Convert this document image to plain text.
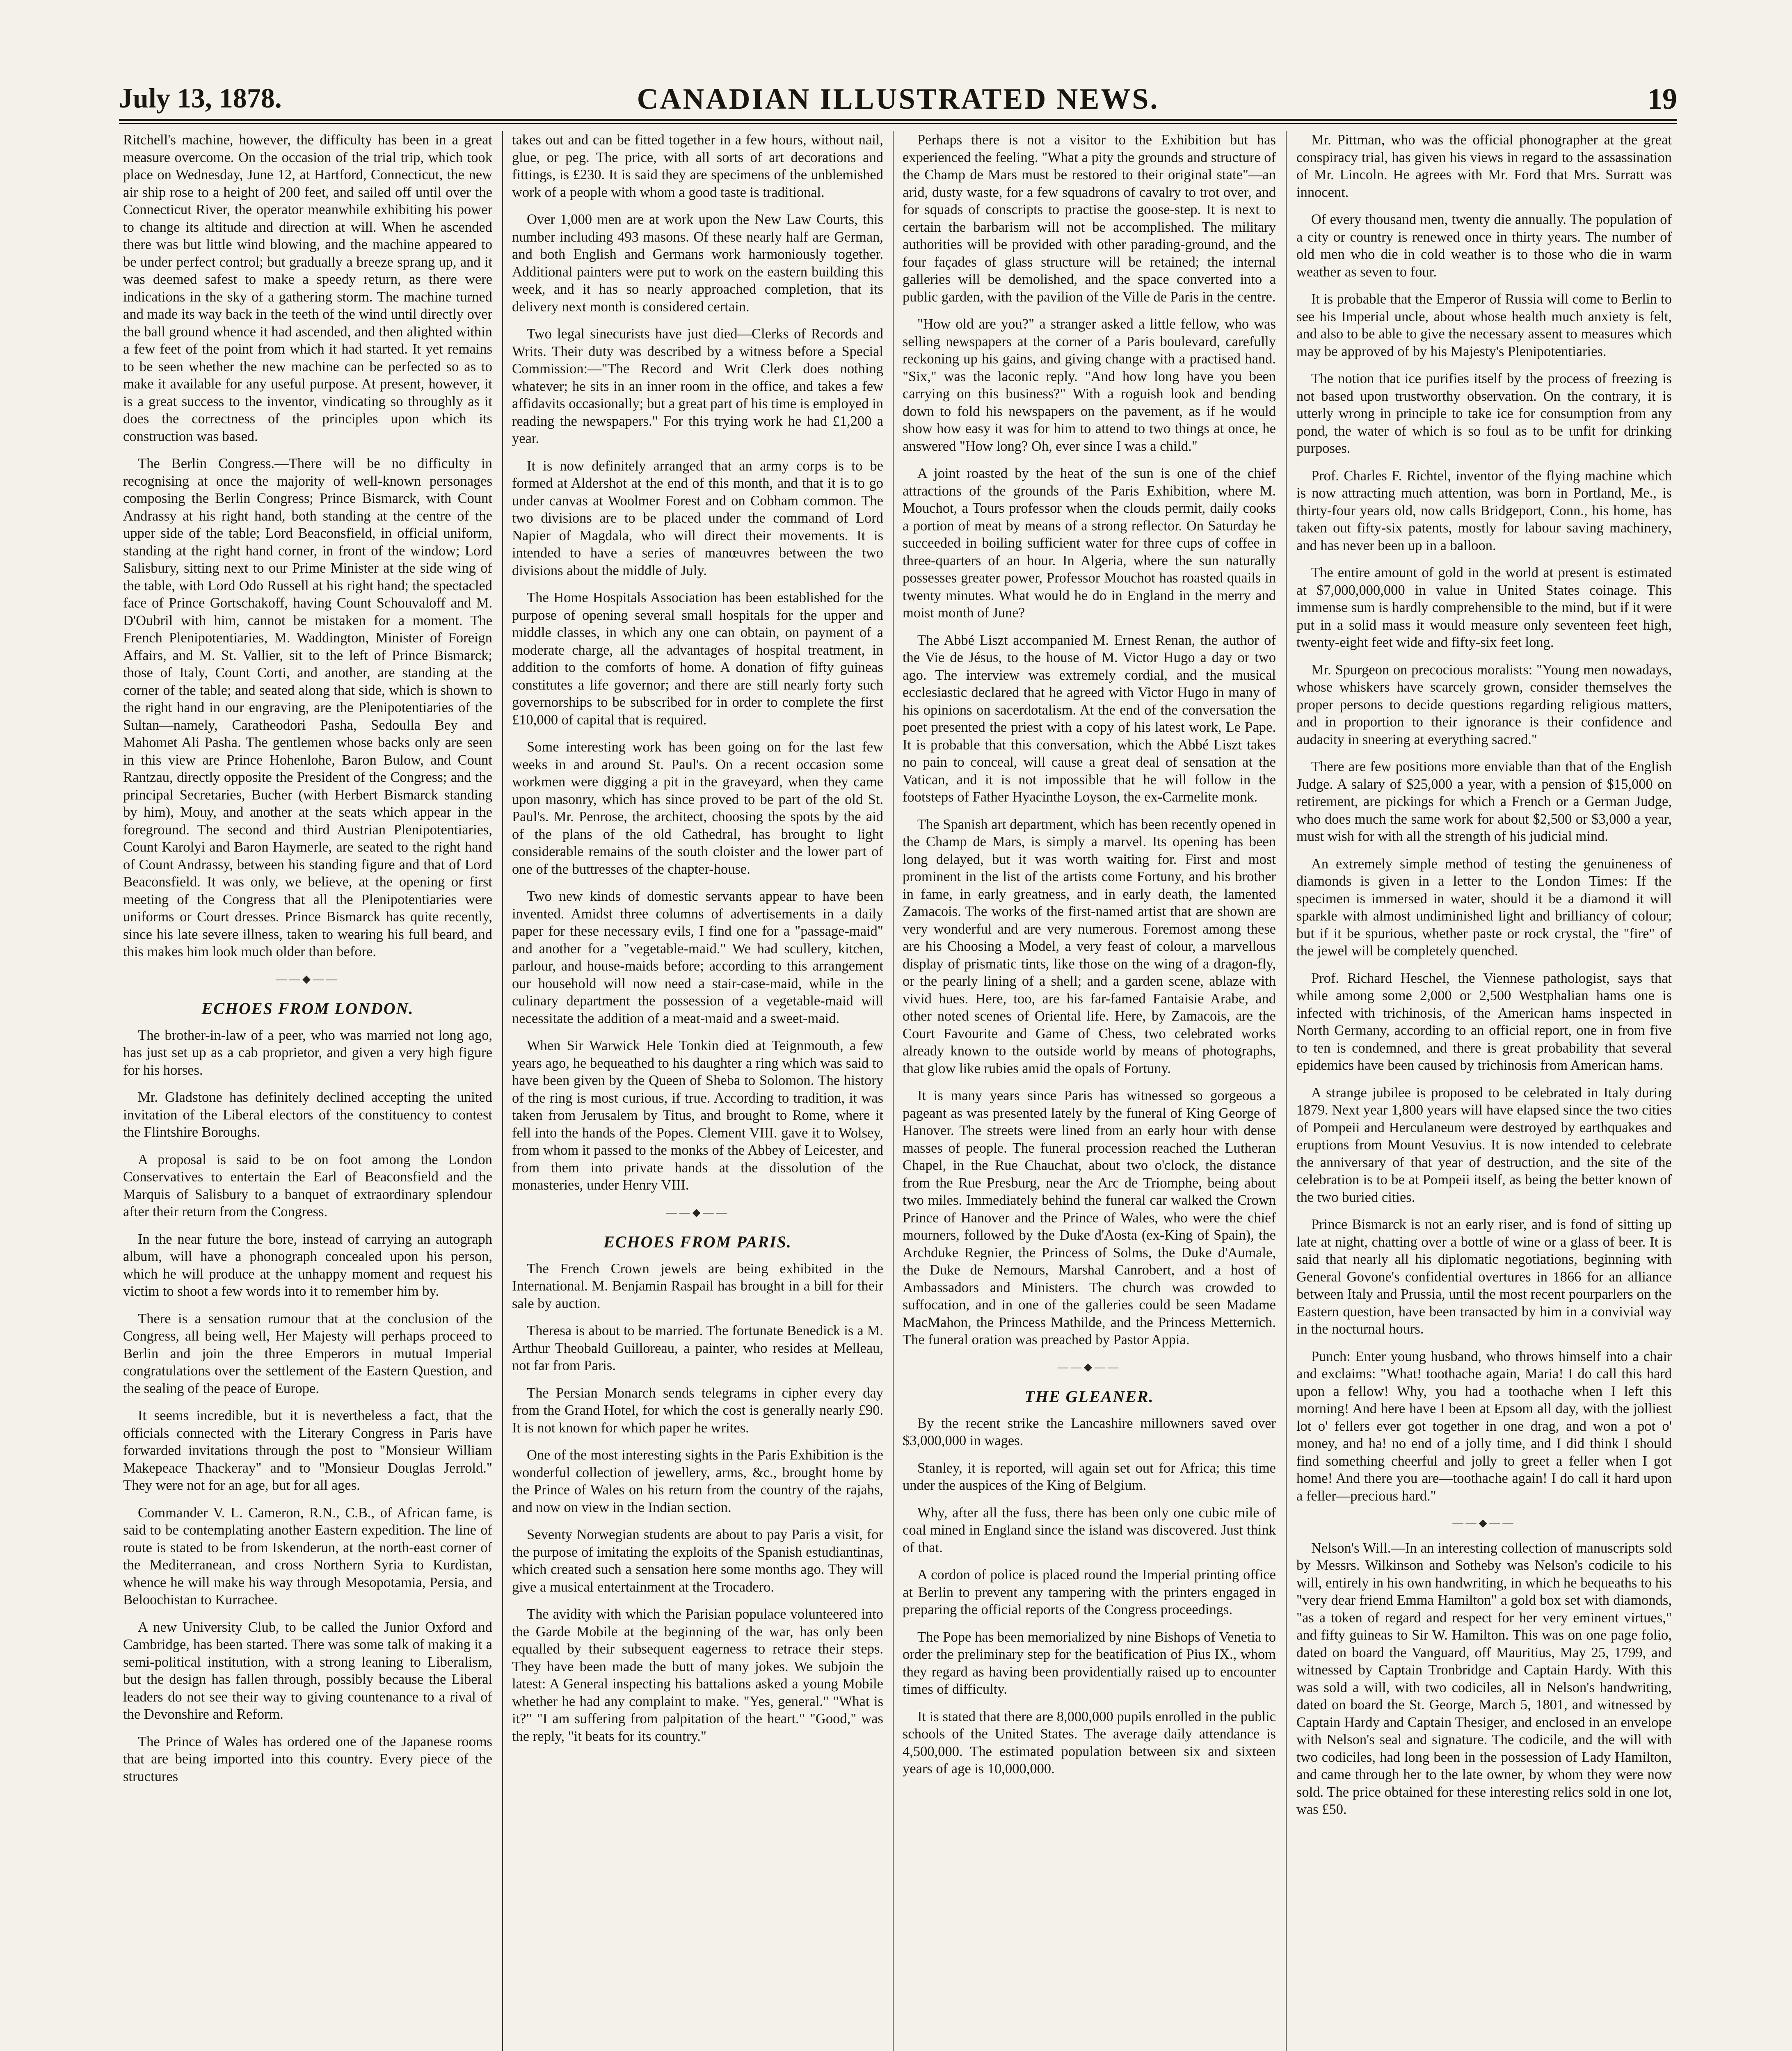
July 13, 1878.	CANADIAN ILLUSTRATED NEWS.	19

Ritchell's machine, however, the difficulty has been in a great measure overcome. On the occasion of the trial trip, which took place on Wednesday, June 12, at Hartford, Connecticut, the new air ship rose to a height of 200 feet, and sailed off until over the Connecticut River, the operator meanwhile exhibiting his power to change its altitude and direction at will. When he ascended there was but little wind blowing, and the machine appeared to be under perfect control; but gradually a breeze sprang up, and it was deemed safest to make a speedy return, as there were indications in the sky of a gathering storm. The machine turned and made its way back in the teeth of the wind until directly over the ball ground whence it had ascended, and then alighted within a few feet of the point from which it had started. It yet remains to be seen whether the new machine can be perfected so as to make it available for any useful purpose. At present, however, it is a great success to the inventor, vindicating so throughly as it does the correctness of the principles upon which its construction was based.

The Berlin Congress.—There will be no difficulty in recognising at once the majority of well-known personages composing the Berlin Congress; Prince Bismarck, with Count Andrassy at his right hand, both standing at the centre of the upper side of the table; Lord Beaconsfield, in official uniform, standing at the right hand corner, in front of the window; Lord Salisbury, sitting next to our Prime Minister at the side wing of the table, with Lord Odo Russell at his right hand; the spectacled face of Prince Gortschakoff, having Count Schouvaloff and M. D'Oubril with him, cannot be mistaken for a moment. The French Plenipotentiaries, M. Waddington, Minister of Foreign Affairs, and M. St. Vallier, sit to the left of Prince Bismarck; those of Italy, Count Corti, and another, are standing at the corner of the table; and seated along that side, which is shown to the right hand in our engraving, are the Plenipotentiaries of the Sultan—namely, Caratheodori Pasha, Sedoulla Bey and Mahomet Ali Pasha. The gentlemen whose backs only are seen in this view are Prince Hohenlohe, Baron Bulow, and Count Rantzau, directly opposite the President of the Congress; and the principal Secretaries, Bucher (with Herbert Bismarck standing by him), Mouy, and another at the seats which appear in the foreground. The second and third Austrian Plenipotentiaries, Count Karolyi and Baron Haymerle, are seated to the right hand of Count Andrassy, between his standing figure and that of Lord Beaconsfield. It was only, we believe, at the opening or first meeting of the Congress that all the Plenipotentiaries were uniforms or Court dresses. Prince Bismarck has quite recently, since his late severe illness, taken to wearing his full beard, and this makes him look much older than before.

——◆——
ECHOES FROM LONDON.

The brother-in-law of a peer, who was married not long ago, has just set up as a cab proprietor, and given a very high figure for his horses.

Mr. Gladstone has definitely declined accepting the united invitation of the Liberal electors of the constituency to contest the Flintshire Boroughs.

A proposal is said to be on foot among the London Conservatives to entertain the Earl of Beaconsfield and the Marquis of Salisbury to a banquet of extraordinary splendour after their return from the Congress.

In the near future the bore, instead of carrying an autograph album, will have a phonograph concealed upon his person, which he will produce at the unhappy moment and request his victim to shoot a few words into it to remember him by.

There is a sensation rumour that at the conclusion of the Congress, all being well, Her Majesty will perhaps proceed to Berlin and join the three Emperors in mutual Imperial congratulations over the settlement of the Eastern Question, and the sealing of the peace of Europe.

It seems incredible, but it is nevertheless a fact, that the officials connected with the Literary Congress in Paris have forwarded invitations through the post to "Monsieur William Makepeace Thackeray" and to "Monsieur Douglas Jerrold." They were not for an age, but for all ages.

Commander V. L. Cameron, R.N., C.B., of African fame, is said to be contemplating another Eastern expedition. The line of route is stated to be from Iskenderun, at the north-east corner of the Mediterranean, and cross Northern Syria to Kurdistan, whence he will make his way through Mesopotamia, Persia, and Beloochistan to Kurrachee.

A new University Club, to be called the Junior Oxford and Cambridge, has been started. There was some talk of making it a semi-political institution, with a strong leaning to Liberalism, but the design has fallen through, possibly because the Liberal leaders do not see their way to giving countenance to a rival of the Devonshire and Reform.

The Prince of Wales has ordered one of the Japanese rooms that are being imported into this country. Every piece of the structures

takes out and can be fitted together in a few hours, without nail, glue, or peg. The price, with all sorts of art decorations and fittings, is £230. It is said they are specimens of the unblemished work of a people with whom a good taste is traditional.

Over 1,000 men are at work upon the New Law Courts, this number including 493 masons. Of these nearly half are German, and both English and Germans work harmoniously together. Additional painters were put to work on the eastern building this week, and it has so nearly approached completion, that its delivery next month is considered certain.

Two legal sinecurists have just died—Clerks of Records and Writs. Their duty was described by a witness before a Special Commission:—"The Record and Writ Clerk does nothing whatever; he sits in an inner room in the office, and takes a few affidavits occasionally; but a great part of his time is employed in reading the newspapers." For this trying work he had £1,200 a year.

It is now definitely arranged that an army corps is to be formed at Aldershot at the end of this month, and that it is to go under canvas at Woolmer Forest and on Cobham common. The two divisions are to be placed under the command of Lord Napier of Magdala, who will direct their movements. It is intended to have a series of manœuvres between the two divisions about the middle of July.

The Home Hospitals Association has been established for the purpose of opening several small hospitals for the upper and middle classes, in which any one can obtain, on payment of a moderate charge, all the advantages of hospital treatment, in addition to the comforts of home. A donation of fifty guineas constitutes a life governor; and there are still nearly forty such governorships to be subscribed for in order to complete the first £10,000 of capital that is required.

Some interesting work has been going on for the last few weeks in and around St. Paul's. On a recent occasion some workmen were digging a pit in the graveyard, when they came upon masonry, which has since proved to be part of the old St. Paul's. Mr. Penrose, the architect, choosing the spots by the aid of the plans of the old Cathedral, has brought to light considerable remains of the south cloister and the lower part of one of the buttresses of the chapter-house.

Two new kinds of domestic servants appear to have been invented. Amidst three columns of advertisements in a daily paper for these necessary evils, I find one for a "passage-maid" and another for a "vegetable-maid." We had scullery, kitchen, parlour, and house-maids before; according to this arrangement our household will now need a stair-case-maid, while in the culinary department the possession of a vegetable-maid will necessitate the addition of a meat-maid and a sweet-maid.

When Sir Warwick Hele Tonkin died at Teignmouth, a few years ago, he bequeathed to his daughter a ring which was said to have been given by the Queen of Sheba to Solomon. The history of the ring is most curious, if true. According to tradition, it was taken from Jerusalem by Titus, and brought to Rome, where it fell into the hands of the Popes. Clement VIII. gave it to Wolsey, from whom it passed to the monks of the Abbey of Leicester, and from them into private hands at the dissolution of the monasteries, under Henry VIII.

——◆——
ECHOES FROM PARIS.

The French Crown jewels are being exhibited in the International. M. Benjamin Raspail has brought in a bill for their sale by auction.

Theresa is about to be married. The fortunate Benedick is a M. Arthur Theobald Guilloreau, a painter, who resides at Melleau, not far from Paris.

The Persian Monarch sends telegrams in cipher every day from the Grand Hotel, for which the cost is generally nearly £90. It is not known for which paper he writes.

One of the most interesting sights in the Paris Exhibition is the wonderful collection of jewellery, arms, &c., brought home by the Prince of Wales on his return from the country of the rajahs, and now on view in the Indian section.

Seventy Norwegian students are about to pay Paris a visit, for the purpose of imitating the exploits of the Spanish estudiantinas, which created such a sensation here some months ago. They will give a musical entertainment at the Trocadero.

The avidity with which the Parisian populace volunteered into the Garde Mobile at the beginning of the war, has only been equalled by their subsequent eagerness to retrace their steps. They have been made the butt of many jokes. We subjoin the latest: A General inspecting his battalions asked a young Mobile whether he had any complaint to make. "Yes, general." "What is it?" "I am suffering from palpitation of the heart." "Good," was the reply, "it beats for its country."

Perhaps there is not a visitor to the Exhibition but has experienced the feeling. "What a pity the grounds and structure of the Champ de Mars must be restored to their original state"—an arid, dusty waste, for a few squadrons of cavalry to trot over, and for squads of conscripts to practise the goose-step. It is next to certain the barbarism will not be accomplished. The military authorities will be provided with other parading-ground, and the four façades of glass structure will be retained; the internal galleries will be demolished, and the space converted into a public garden, with the pavilion of the Ville de Paris in the centre.

"How old are you?" a stranger asked a little fellow, who was selling newspapers at the corner of a Paris boulevard, carefully reckoning up his gains, and giving change with a practised hand. "Six," was the laconic reply. "And how long have you been carrying on this business?" With a roguish look and bending down to fold his newspapers on the pavement, as if he would show how easy it was for him to attend to two things at once, he answered "How long? Oh, ever since I was a child."

A joint roasted by the heat of the sun is one of the chief attractions of the grounds of the Paris Exhibition, where M. Mouchot, a Tours professor when the clouds permit, daily cooks a portion of meat by means of a strong reflector. On Saturday he succeeded in boiling sufficient water for three cups of coffee in three-quarters of an hour. In Algeria, where the sun naturally possesses greater power, Professor Mouchot has roasted quails in twenty minutes. What would he do in England in the merry and moist month of June?

The Abbé Liszt accompanied M. Ernest Renan, the author of the Vie de Jésus, to the house of M. Victor Hugo a day or two ago. The interview was extremely cordial, and the musical ecclesiastic declared that he agreed with Victor Hugo in many of his opinions on sacerdotalism. At the end of the conversation the poet presented the priest with a copy of his latest work, Le Pape. It is probable that this conversation, which the Abbé Liszt takes no pain to conceal, will cause a great deal of sensation at the Vatican, and it is not impossible that he will follow in the footsteps of Father Hyacinthe Loyson, the ex-Carmelite monk.

The Spanish art department, which has been recently opened in the Champ de Mars, is simply a marvel. Its opening has been long delayed, but it was worth waiting for. First and most prominent in the list of the artists come Fortuny, and his brother in fame, in early greatness, and in early death, the lamented Zamacois. The works of the first-named artist that are shown are very wonderful and are very numerous. Foremost among these are his Choosing a Model, a very feast of colour, a marvellous display of prismatic tints, like those on the wing of a dragon-fly, or the pearly lining of a shell; and a garden scene, ablaze with vivid hues. Here, too, are his far-famed Fantaisie Arabe, and other noted scenes of Oriental life. Here, by Zamacois, are the Court Favourite and Game of Chess, two celebrated works already known to the outside world by means of photographs, that glow like rubies amid the opals of Fortuny.

It is many years since Paris has witnessed so gorgeous a pageant as was presented lately by the funeral of King George of Hanover. The streets were lined from an early hour with dense masses of people. The funeral procession reached the Lutheran Chapel, in the Rue Chauchat, about two o'clock, the distance from the Rue Presburg, near the Arc de Triomphe, being about two miles. Immediately behind the funeral car walked the Crown Prince of Hanover and the Prince of Wales, who were the chief mourners, followed by the Duke d'Aosta (ex-King of Spain), the Archduke Regnier, the Princess of Solms, the Duke d'Aumale, the Duke de Nemours, Marshal Canrobert, and a host of Ambassadors and Ministers. The church was crowded to suffocation, and in one of the galleries could be seen Madame MacMahon, the Princess Mathilde, and the Princess Metternich. The funeral oration was preached by Pastor Appia.

——◆——
THE GLEANER.

By the recent strike the Lancashire millowners saved over $3,000,000 in wages.

Stanley, it is reported, will again set out for Africa; this time under the auspices of the King of Belgium.

Why, after all the fuss, there has been only one cubic mile of coal mined in England since the island was discovered. Just think of that.

A cordon of police is placed round the Imperial printing office at Berlin to prevent any tampering with the printers engaged in preparing the official reports of the Congress proceedings.

The Pope has been memorialized by nine Bishops of Venetia to order the preliminary step for the beatification of Pius IX., whom they regard as having been providentially raised up to encounter times of difficulty.

It is stated that there are 8,000,000 pupils enrolled in the public schools of the United States. The average daily attendance is 4,500,000. The estimated population between six and sixteen years of age is 10,000,000.

Mr. Pittman, who was the official phonographer at the great conspiracy trial, has given his views in regard to the assassination of Mr. Lincoln. He agrees with Mr. Ford that Mrs. Surratt was innocent.

Of every thousand men, twenty die annually. The population of a city or country is renewed once in thirty years. The number of old men who die in cold weather is to those who die in warm weather as seven to four.

It is probable that the Emperor of Russia will come to Berlin to see his Imperial uncle, about whose health much anxiety is felt, and also to be able to give the necessary assent to measures which may be approved of by his Majesty's Plenipotentiaries.

The notion that ice purifies itself by the process of freezing is not based upon trustworthy observation. On the contrary, it is utterly wrong in principle to take ice for consumption from any pond, the water of which is so foul as to be unfit for drinking purposes.

Prof. Charles F. Richtel, inventor of the flying machine which is now attracting much attention, was born in Portland, Me., is thirty-four years old, now calls Bridgeport, Conn., his home, has taken out fifty-six patents, mostly for labour saving machinery, and has never been up in a balloon.

The entire amount of gold in the world at present is estimated at $7,000,000,000 in value in United States coinage. This immense sum is hardly comprehensible to the mind, but if it were put in a solid mass it would measure only seventeen feet high, twenty-eight feet wide and fifty-six feet long.

Mr. Spurgeon on precocious moralists: "Young men nowadays, whose whiskers have scarcely grown, consider themselves the proper persons to decide questions regarding religious matters, and in proportion to their ignorance is their confidence and audacity in sneering at everything sacred."

There are few positions more enviable than that of the English Judge. A salary of $25,000 a year, with a pension of $15,000 on retirement, are pickings for which a French or a German Judge, who does much the same work for about $2,500 or $3,000 a year, must wish for with all the strength of his judicial mind.

An extremely simple method of testing the genuineness of diamonds is given in a letter to the London Times: If the specimen is immersed in water, should it be a diamond it will sparkle with almost undiminished light and brilliancy of colour; but if it be spurious, whether paste or rock crystal, the "fire" of the jewel will be completely quenched.

Prof. Richard Heschel, the Viennese pathologist, says that while among some 2,000 or 2,500 Westphalian hams one is infected with trichinosis, of the American hams inspected in North Germany, according to an official report, one in from five to ten is condemned, and there is great probability that several epidemics have been caused by trichinosis from American hams.

A strange jubilee is proposed to be celebrated in Italy during 1879. Next year 1,800 years will have elapsed since the two cities of Pompeii and Herculaneum were destroyed by earthquakes and eruptions from Mount Vesuvius. It is now intended to celebrate the anniversary of that year of destruction, and the site of the celebration is to be at Pompeii itself, as being the better known of the two buried cities.

Prince Bismarck is not an early riser, and is fond of sitting up late at night, chatting over a bottle of wine or a glass of beer. It is said that nearly all his diplomatic negotiations, beginning with General Govone's confidential overtures in 1866 for an alliance between Italy and Prussia, until the most recent pourparlers on the Eastern question, have been transacted by him in a convivial way in the nocturnal hours.

Punch: Enter young husband, who throws himself into a chair and exclaims: "What! toothache again, Maria! I do call this hard upon a fellow! Why, you had a toothache when I left this morning! And here have I been at Epsom all day, with the jolliest lot o' fellers ever got together in one drag, and won a pot o' money, and ha! no end of a jolly time, and I did think I should find something cheerful and jolly to greet a feller when I got home! And there you are—toothache again! I do call it hard upon a feller—precious hard."

——◆——

Nelson's Will.—In an interesting collection of manuscripts sold by Messrs. Wilkinson and Sotheby was Nelson's codicile to his will, entirely in his own handwriting, in which he bequeaths to his "very dear friend Emma Hamilton" a gold box set with diamonds, "as a token of regard and respect for her very eminent virtues," and fifty guineas to Sir W. Hamilton. This was on one page folio, dated on board the Vanguard, off Mauritius, May 25, 1799, and witnessed by Captain Tronbridge and Captain Hardy. With this was sold a will, with two codiciles, all in Nelson's handwriting, dated on board the St. George, March 5, 1801, and witnessed by Captain Hardy and Captain Thesiger, and enclosed in an envelope with Nelson's seal and signature. The codicile, and the will with two codiciles, had long been in the possession of Lady Hamilton, and came through her to the late owner, by whom they were now sold. The price obtained for these interesting relics sold in one lot, was £50.
